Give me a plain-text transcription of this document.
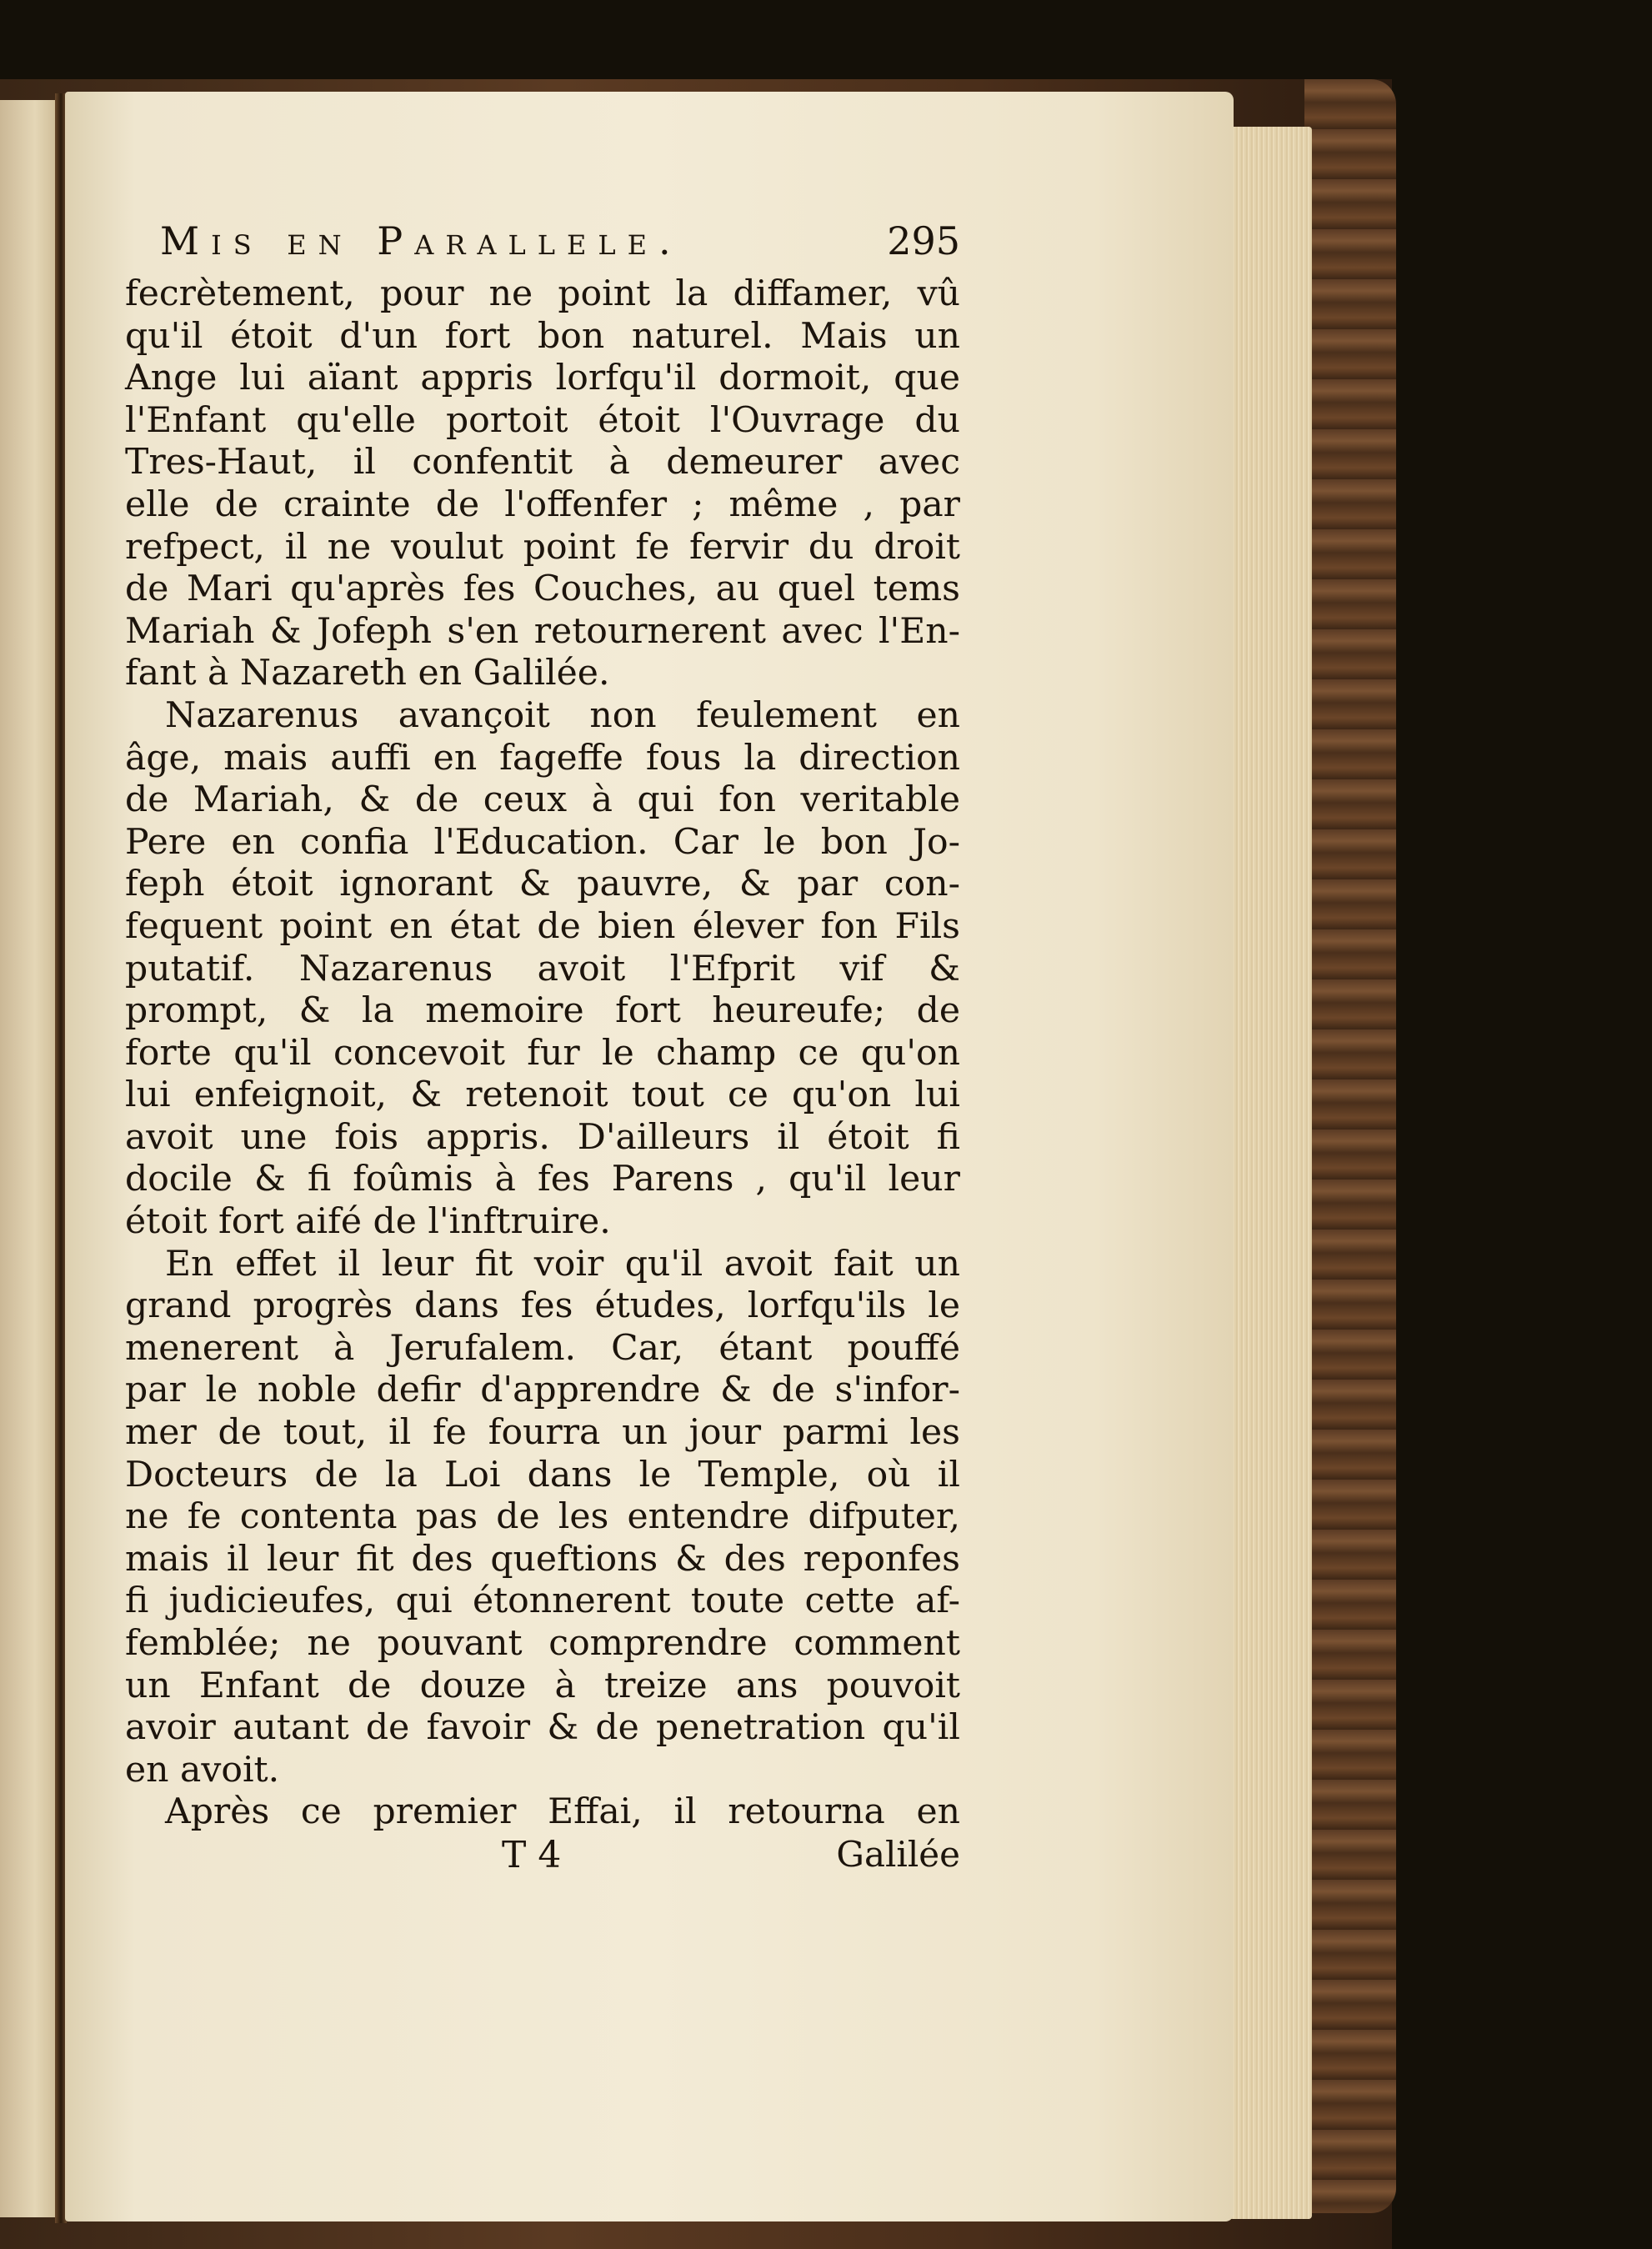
Mis en Parallele.	295
fecrètement, pour ne point la diffamer, vû
qu'il étoit d'un fort bon naturel. Mais un
Ange lui aïant appris lorfqu'il dormoit, que
l'Enfant qu'elle portoit étoit l'Ouvrage du
Tres-Haut, il confentit à demeurer avec
elle de crainte de l'offenfer ; même , par
refpect, il ne voulut point fe fervir du droit
de Mari qu'après fes Couches, au quel tems
Mariah & Jofeph s'en retournerent avec l'En-
fant à Nazareth en Galilée.
Nazarenus avançoit non feulement en
âge, mais auffi en fageffe fous la direction
de Mariah, & de ceux à qui fon veritable
Pere en confia l'Education. Car le bon Jo-
feph étoit ignorant & pauvre, & par con-
fequent point en état de bien élever fon Fils
putatif. Nazarenus avoit l'Efprit vif &
prompt, & la memoire fort heureufe; de
forte qu'il concevoit fur le champ ce qu'on
lui enfeignoit, & retenoit tout ce qu'on lui
avoit une fois appris. D'ailleurs il étoit fi
docile & fi foûmis à fes Parens , qu'il leur
étoit fort aifé de l'inftruire.
En effet il leur fit voir qu'il avoit fait un
grand progrès dans fes études, lorfqu'ils le
menerent à Jerufalem. Car, étant pouffé
par le noble defir d'apprendre & de s'infor-
mer de tout, il fe fourra un jour parmi les
Docteurs de la Loi dans le Temple, où il
ne fe contenta pas de les entendre difputer,
mais il leur fit des queftions & des reponfes
fi judicieufes, qui étonnerent toute cette af-
femblée; ne pouvant comprendre comment
un Enfant de douze à treize ans pouvoit
avoir autant de favoir & de penetration qu'il
en avoit.
Après ce premier Effai, il retourna en
T 4	Galilée
